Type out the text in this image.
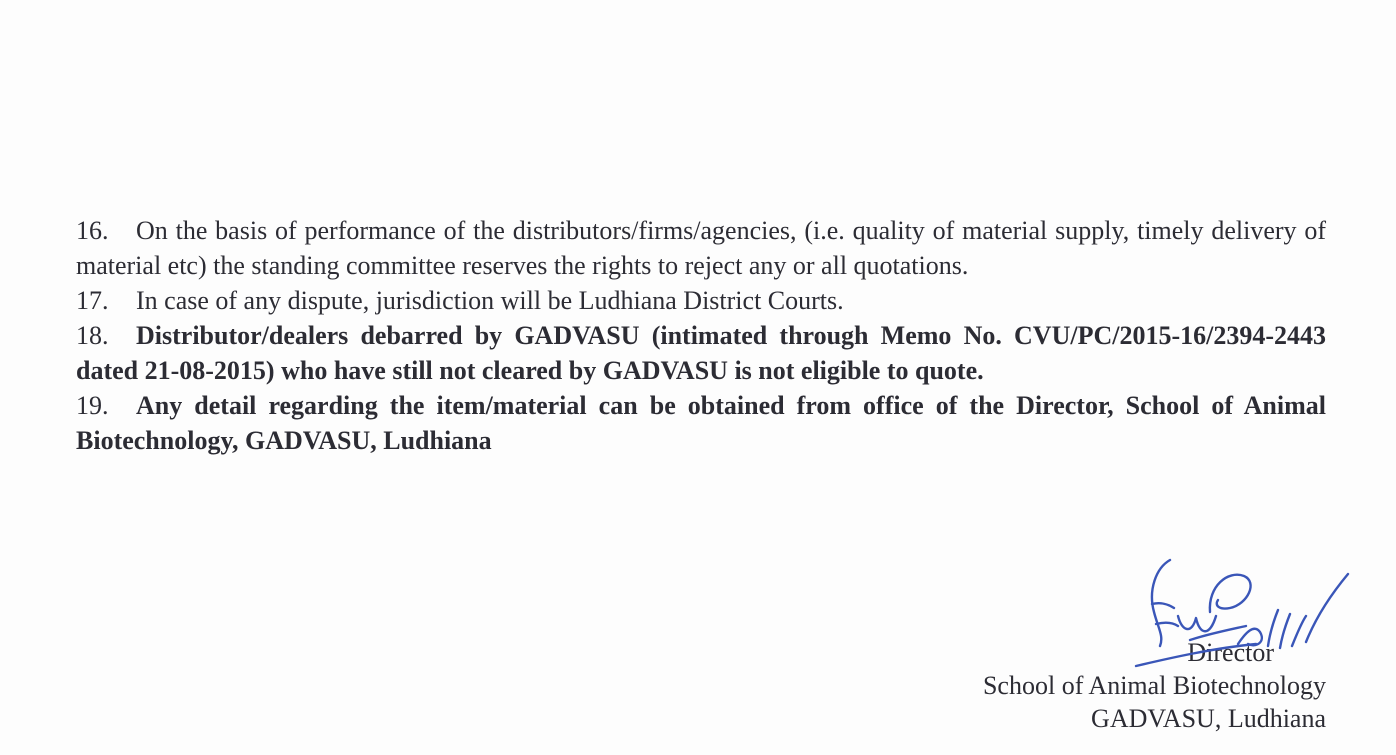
16. On the basis of performance of the distributors/firms/agencies, (i.e. quality of material supply, timely delivery of material etc) the standing committee reserves the rights to reject any or all quotations.

17. In case of any dispute, jurisdiction will be Ludhiana District Courts.

18. Distributor/dealers debarred by GADVASU (intimated through Memo No. CVU/PC/2015-16/2394-2443 dated 21-08-2015) who have still not cleared by GADVASU is not eligible to quote.

19. Any detail regarding the item/material can be obtained from office of the Director, School of Animal Biotechnology, GADVASU, Ludhiana

Director
School of Animal Biotechnology
GADVASU, Ludhiana
